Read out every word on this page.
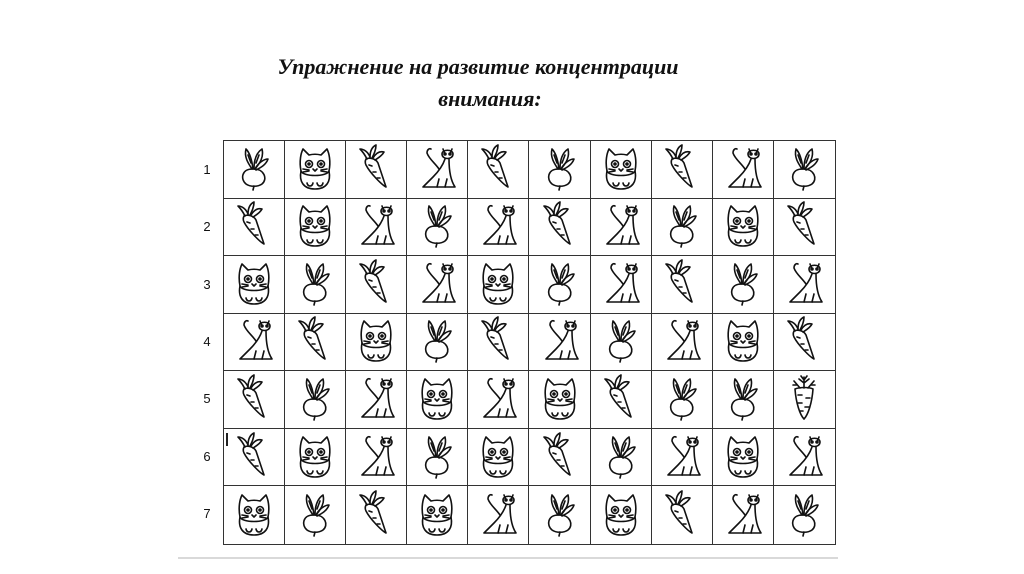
Упражнение на развитие концентрации
внимания:
1
2
3
4
5
6
7
